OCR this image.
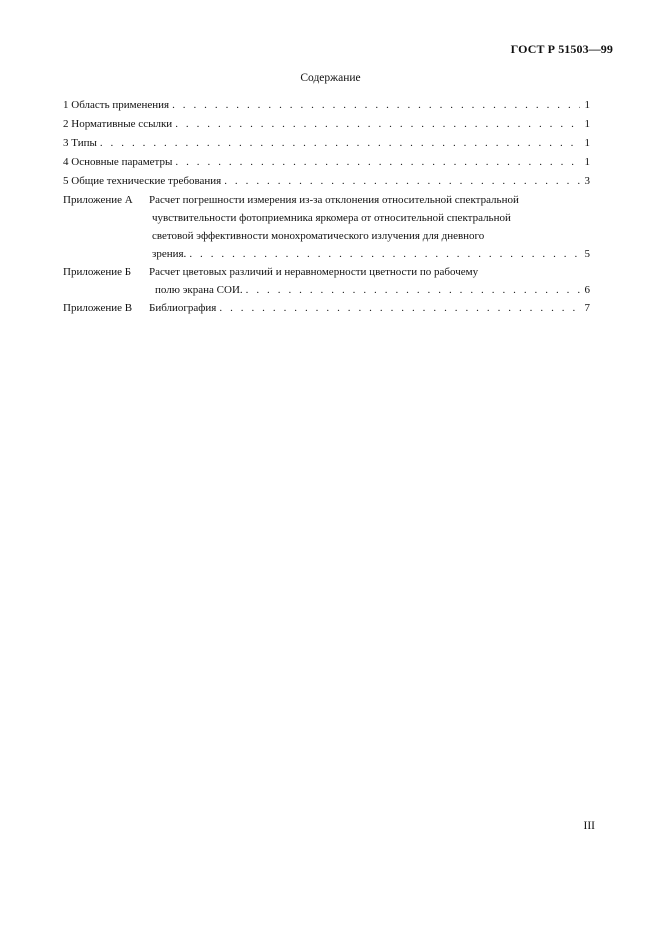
ГОСТ Р 51503—99
Содержание
1 Область применения . . .	1
2 Нормативные ссылки . . .	1
3 Типы . . .	1
4 Основные параметры . . .	1
5 Общие технические требования . . .	3
Приложение А Расчет погрешности измерения из-за отклонения относительной спектральной
чувствительности фотоприемника яркомера от относительной спектральной
световой эффективности монохроматического излучения для дневного
зрения. . . .	5
Приложение Б Расчет цветовых различий и неравномерности цветности по рабочему
полю экрана СОИ. . . .	6
Приложение В Библиография . . .	7
III
